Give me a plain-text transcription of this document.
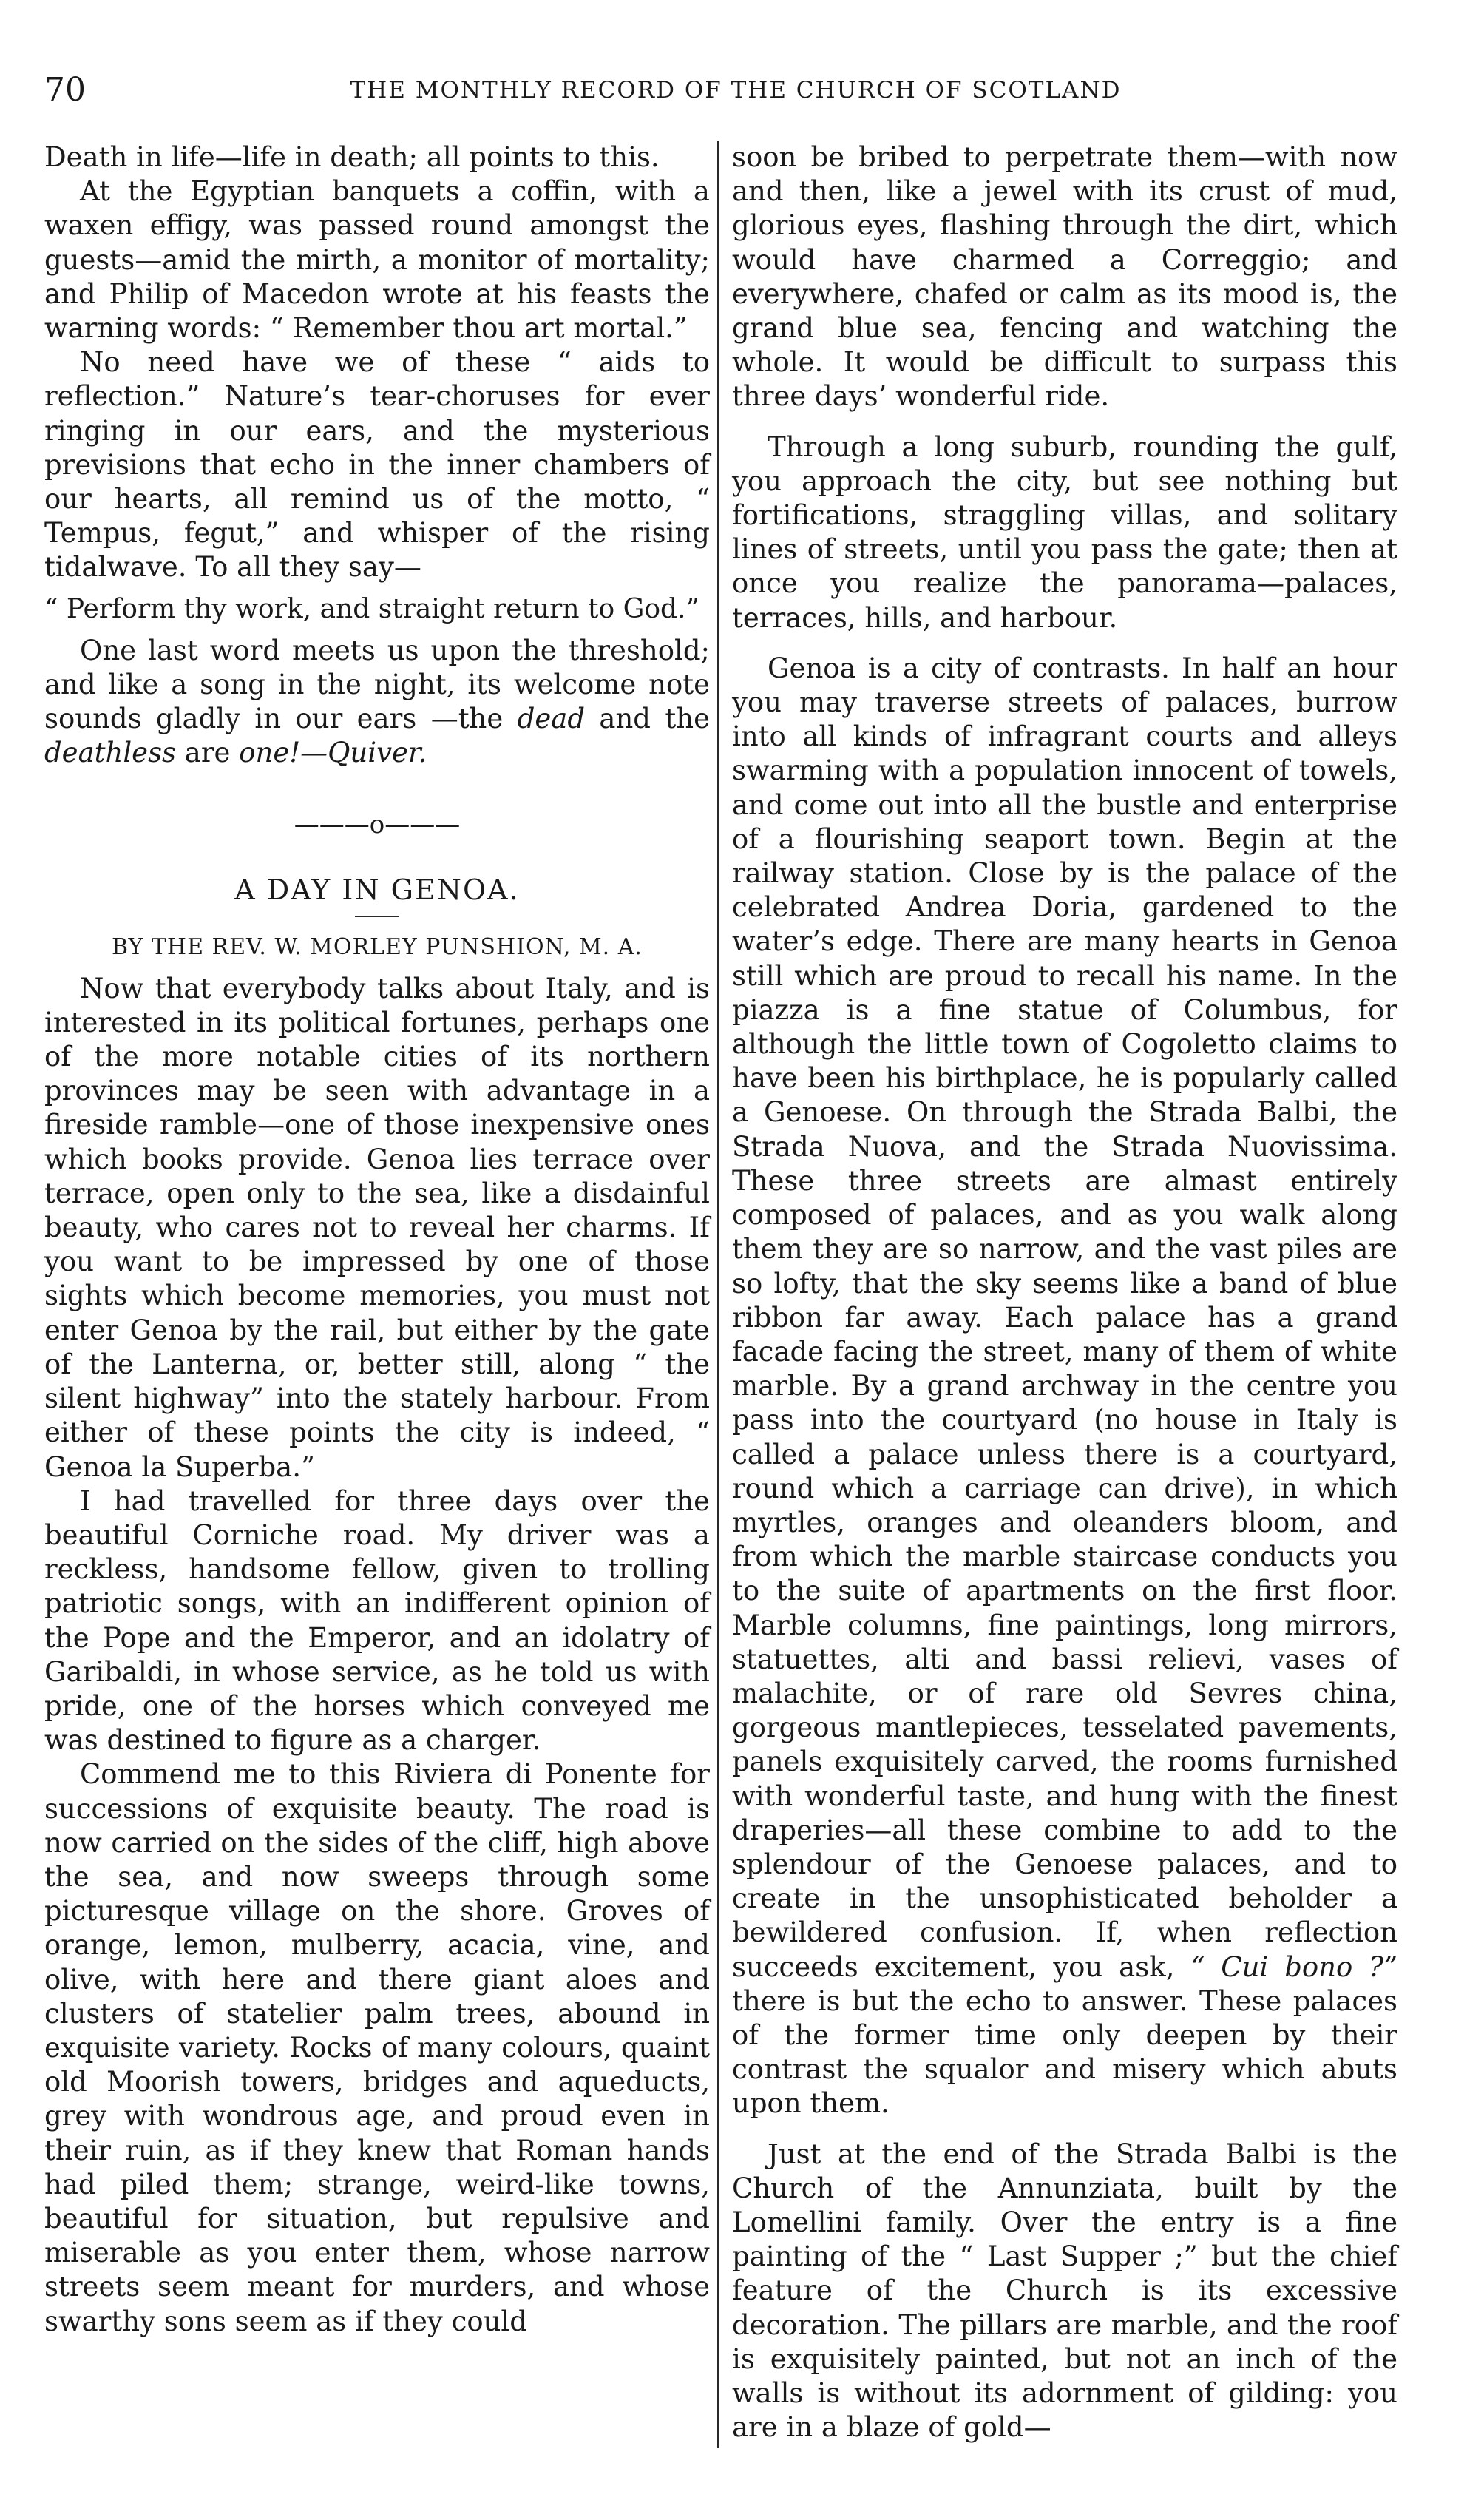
70	THE MONTHLY RECORD OF THE CHURCH OF SCOTLAND

Death in life—life in death; all points to this.

At the Egyptian banquets a coffin, with a waxen effigy, was passed round amongst the guests—amid the mirth, a monitor of mortality; and Philip of Macedon wrote at his feasts the warning words: “ Remember thou art mortal.”

No need have we of these “ aids to reflection.” Nature’s tear-choruses for ever ringing in our ears, and the mysterious previsions that echo in the inner chambers of our hearts, all remind us of the motto, “ Tempus, fegut,” and whisper of the rising tidalwave. To all they say—

“ Perform thy work, and straight return to God.”

One last word meets us upon the threshold; and like a song in the night, its welcome note sounds gladly in our ears —the dead and the deathless are one!—Quiver.

———o———
A DAY IN GENOA.
BY THE REV. W. MORLEY PUNSHION, M. A.

Now that everybody talks about Italy, and is interested in its political fortunes, perhaps one of the more notable cities of its northern provinces may be seen with advantage in a fireside ramble—one of those inexpensive ones which books provide. Genoa lies terrace over terrace, open only to the sea, like a disdainful beauty, who cares not to reveal her charms. If you want to be impressed by one of those sights which become memories, you must not enter Genoa by the rail, but either by the gate of the Lanterna, or, better still, along “ the silent highway” into the stately harbour. From either of these points the city is indeed, “ Genoa la Superba.”

I had travelled for three days over the beautiful Corniche road. My driver was a reckless, handsome fellow, given to trolling patriotic songs, with an indifferent opinion of the Pope and the Emperor, and an idolatry of Garibaldi, in whose service, as he told us with pride, one of the horses which conveyed me was destined to figure as a charger.

Commend me to this Riviera di Ponente for successions of exquisite beauty. The road is now carried on the sides of the cliff, high above the sea, and now sweeps through some picturesque village on the shore. Groves of orange, lemon, mulberry, acacia, vine, and olive, with here and there giant aloes and clusters of statelier palm trees, abound in exquisite variety. Rocks of many colours, quaint old Moorish towers, bridges and aqueducts, grey with wondrous age, and proud even in their ruin, as if they knew that Roman hands had piled them; strange, weird-like towns, beautiful for situation, but repulsive and miserable as you enter them, whose narrow streets seem meant for murders, and whose swarthy sons seem as if they could

soon be bribed to perpetrate them—with now and then, like a jewel with its crust of mud, glorious eyes, flashing through the dirt, which would have charmed a Correggio; and everywhere, chafed or calm as its mood is, the grand blue sea, fencing and watching the whole. It would be difficult to surpass this three days’ wonderful ride.

Through a long suburb, rounding the gulf, you approach the city, but see nothing but fortifications, straggling villas, and solitary lines of streets, until you pass the gate; then at once you realize the panorama—palaces, terraces, hills, and harbour.

Genoa is a city of contrasts. In half an hour you may traverse streets of palaces, burrow into all kinds of infragrant courts and alleys swarming with a population innocent of towels, and come out into all the bustle and enterprise of a flourishing seaport town. Begin at the railway station. Close by is the palace of the celebrated Andrea Doria, gardened to the water’s edge. There are many hearts in Genoa still which are proud to recall his name. In the piazza is a fine statue of Columbus, for although the little town of Cogoletto claims to have been his birthplace, he is popularly called a Genoese. On through the Strada Balbi, the Strada Nuova, and the Strada Nuovissima. These three streets are almast entirely composed of palaces, and as you walk along them they are so narrow, and the vast piles are so lofty, that the sky seems like a band of blue ribbon far away. Each palace has a grand facade facing the street, many of them of white marble. By a grand archway in the centre you pass into the courtyard (no house in Italy is called a palace unless there is a courtyard, round which a carriage can drive), in which myrtles, oranges and oleanders bloom, and from which the marble staircase conducts you to the suite of apartments on the first floor. Marble columns, fine paintings, long mirrors, statuettes, alti and bassi relievi, vases of malachite, or of rare old Sevres china, gorgeous mantlepieces, tesselated pavements, panels exquisitely carved, the rooms furnished with wonderful taste, and hung with the finest draperies—all these combine to add to the splendour of the Genoese palaces, and to create in the unsophisticated beholder a bewildered confusion. If, when reflection succeeds excitement, you ask, “ Cui bono ?” there is but the echo to answer. These palaces of the former time only deepen by their contrast the squalor and misery which abuts upon them.

Just at the end of the Strada Balbi is the Church of the Annunziata, built by the Lomellini family. Over the entry is a fine painting of the “ Last Supper ;” but the chief feature of the Church is its excessive decoration. The pillars are marble, and the roof is exquisitely painted, but not an inch of the walls is without its adornment of gilding: you are in a blaze of gold—
